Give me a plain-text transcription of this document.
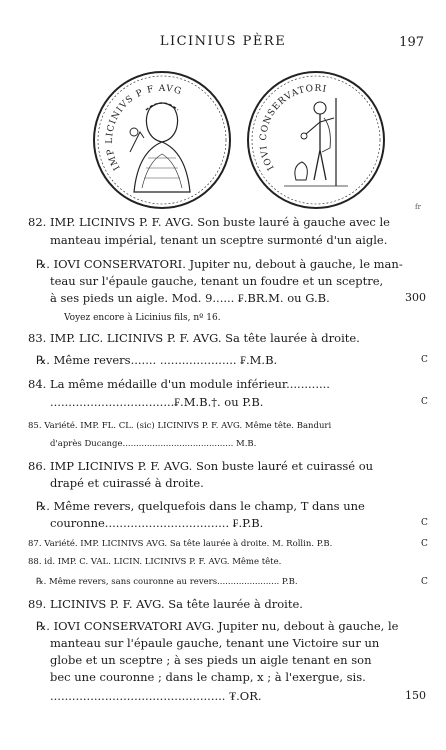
LICINIUS PÈRE	197
IMP LICINIVS P F AVG
IOVI CONSERVATORI
fr
82. IMP. LICINIVS P. F. AVG. Son buste lauré à gauche avec le
manteau impérial, tenant un sceptre surmonté d'un aigle.
℞. IOVI CONSERVATORI. Jupiter nu, debout à gauche, le man-
teau sur l'épaule gauche, tenant un foudre et un sceptre,
à ses pieds un aigle. Mod. 9...... ₣.BR.M. ou G.B.	300
Voyez encore à Licinius fils, nº 16.
83. IMP. LIC. LICINIVS P. F. AVG. Sa tête laurée à droite.
℞. Même revers....... ..................... ₣.M.B.	C
84. La même médaille d'un module inférieur............
..................................₣.M.B.†. ou P.B.	C
85. Variété. IMP. FL. CL. (sic) LICINIVS P. F. AVG. Même tête. Banduri
d'après Ducange......................................... M.B.
86. IMP LICINIVS P. F. AVG. Son buste lauré et cuirassé ou
drapé et cuirassé à droite.
℞. Même revers, quelquefois dans le champ, T dans une
couronne.................................. ₣.P.B.	C
87. Variété. IMP. LICINIVS AVG. Sa tête laurée à droite. M. Rollin. P.B.	C
88. id. IMP. C. VAL. LICIN. LICINIVS P. F. AVG. Même tête.
℞. Même revers, sans couronne au revers....................... P.B.	C
89. LICINIVS P. F. AVG. Sa tête laurée à droite.
℞. IOVI CONSERVATORI AVG. Jupiter nu, debout à gauche, le
manteau sur l'épaule gauche, tenant une Victoire sur un
globe et un sceptre ; à ses pieds un aigle tenant en son
bec une couronne ; dans le champ, x ; à l'exergue, sis.
................................................ ₮.OR.	150
